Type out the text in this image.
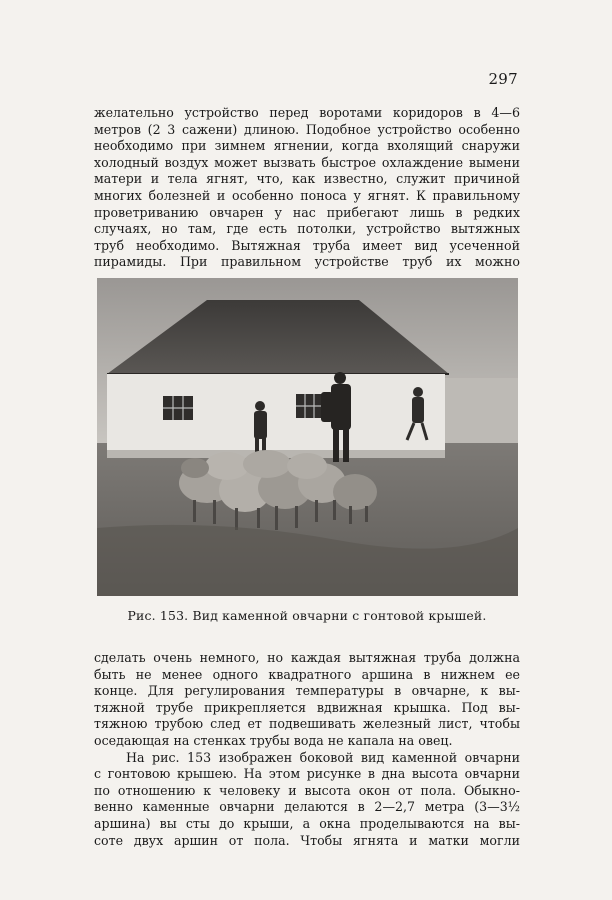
297
желательно устройство перед воротами коридоров в 4—6
метров (2 3 сажени) длиною. Подобное устройство особенно
необходимо при зимнем ягнении, когда вхолящий снаружи
холодный воздух может вызвать быстрое охлаждение вымени
матери и тела ягнят, что, как известно, служит причиной
многих болезней и особенно поноса у ягнят. К правильному
проветриванию овчарен у нас прибегают лишь в редких
случаях, но там, где есть потолки, устройство вытяжных
труб необходимо. Вытяжная труба имеет вид усеченной
пирамиды. При правильном устройстве труб их можно
Рис. 153. Вид каменной овчарни с гонтовой крышей.
сделать очень немного, но каждая вытяжная труба должна
быть не менее одного квадратного аршина в нижнем ее
конце. Для регулирования температуры в овчарне, к вы-
тяжной трубе прикрепляется вдвижная крышка. Под вы-
тяжною трубою след ет подвешивать железный лист, чтобы
оседающая на стенках трубы вода не капала на овец.
На рис. 153 изображен боковой вид каменной овчарни
с гонтовою крышею. На этом рисунке в дна высота овчарни
по отношению к человеку и высота окон от пола. Обыкно-
венно каменные овчарни делаются в 2—2,7 метра (3—3½
аршина) вы сты до крыши, а окна проделываются на вы-
соте двух аршин от пола. Чтобы ягнята и матки могли
